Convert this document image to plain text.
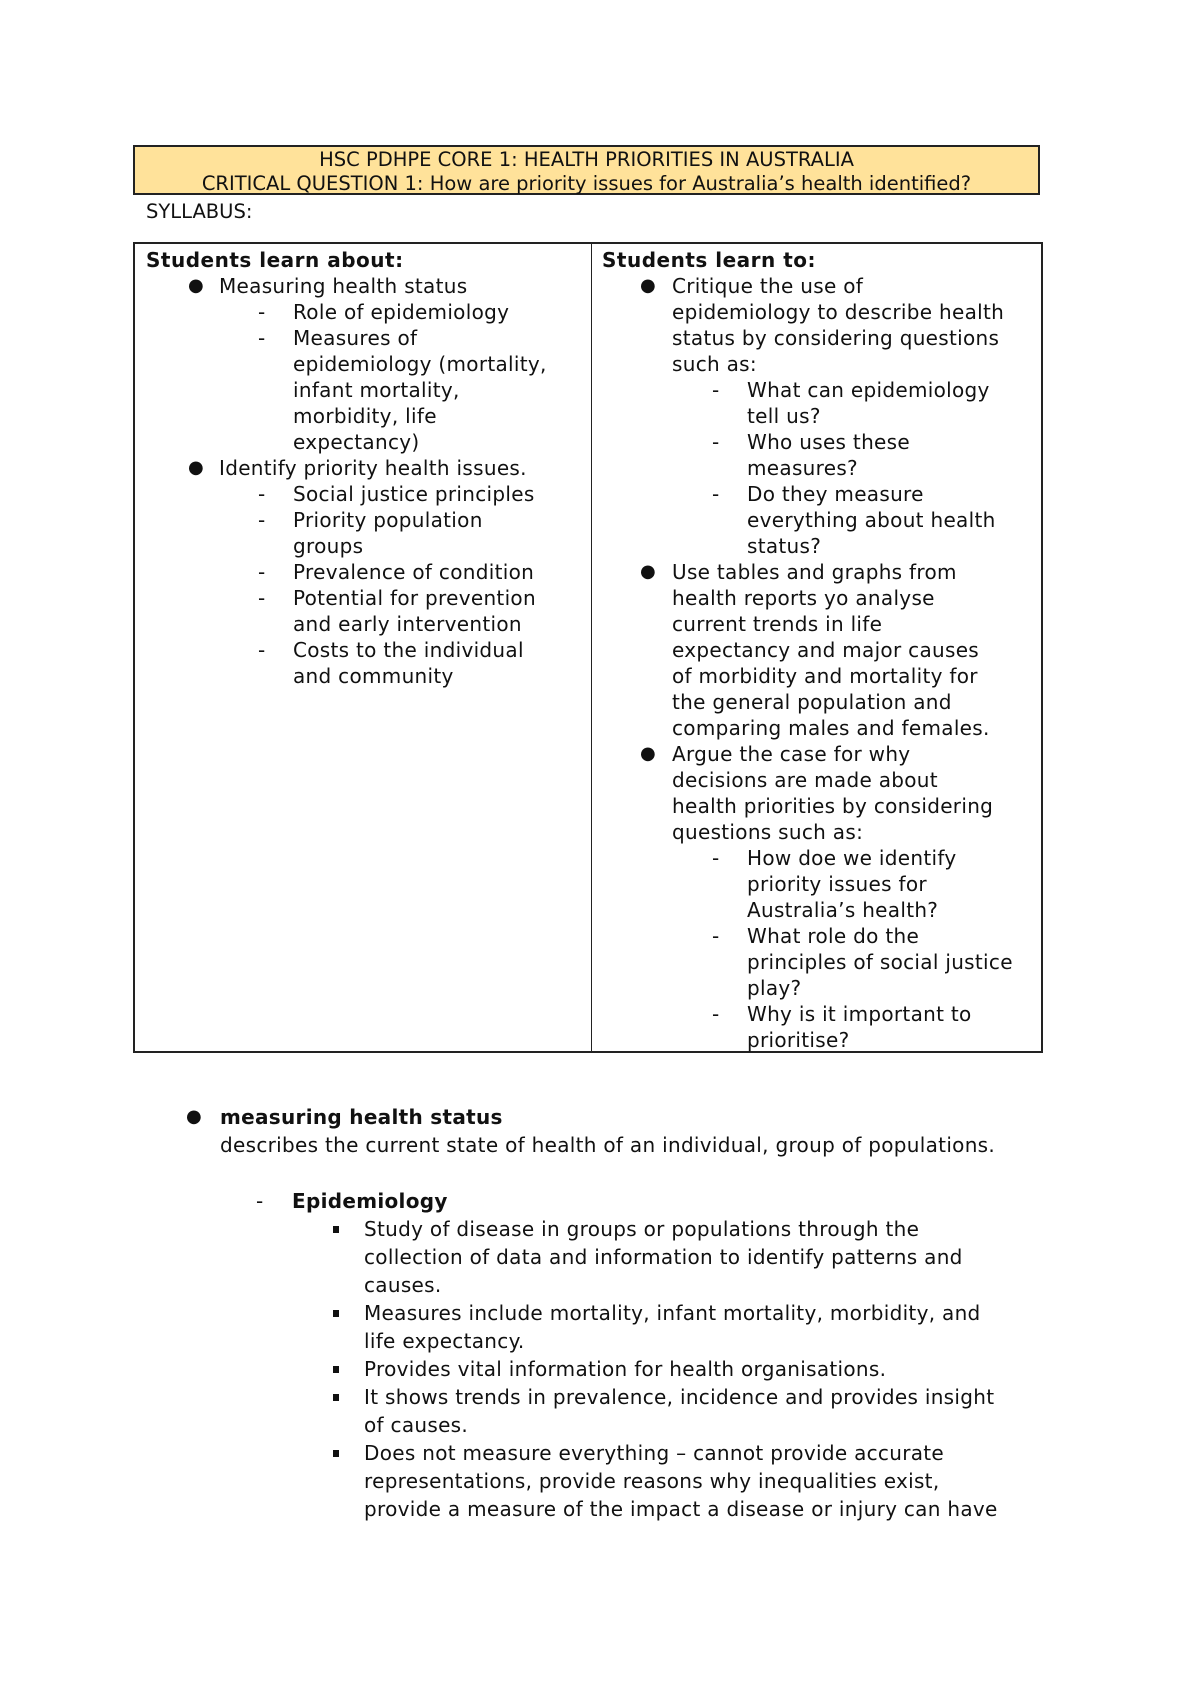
HSC PDHPE CORE 1: HEALTH PRIORITIES IN AUSTRALIA
CRITICAL QUESTION 1: How are priority issues for Australia’s health identified?
SYLLABUS:
Students learn about:
● Measuring health status
- Role of epidemiology
- Measures of
epidemiology (mortality,
infant mortality,
morbidity, life
expectancy)
● Identify priority health issues.
- Social justice principles
- Priority population
groups
- Prevalence of condition
- Potential for prevention
and early intervention
- Costs to the individual
and community
Students learn to:
● Critique the use of
epidemiology to describe health
status by considering questions
such as:
- What can epidemiology
tell us?
- Who uses these
measures?
- Do they measure
everything about health
status?
● Use tables and graphs from
health reports yo analyse
current trends in life
expectancy and major causes
of morbidity and mortality for
the general population and
comparing males and females.
● Argue the case for why
decisions are made about
health priorities by considering
questions such as:
- How doe we identify
priority issues for
Australia’s health?
- What role do the
principles of social justice
play?
- Why is it important to
prioritise?
● measuring health status
describes the current state of health of an individual, group of populations.
- Epidemiology
Study of disease in groups or populations through the
collection of data and information to identify patterns and
causes.
Measures include mortality, infant mortality, morbidity, and
life expectancy.
Provides vital information for health organisations.
It shows trends in prevalence, incidence and provides insight
of causes.
Does not measure everything – cannot provide accurate
representations, provide reasons why inequalities exist,
provide a measure of the impact a disease or injury can have
